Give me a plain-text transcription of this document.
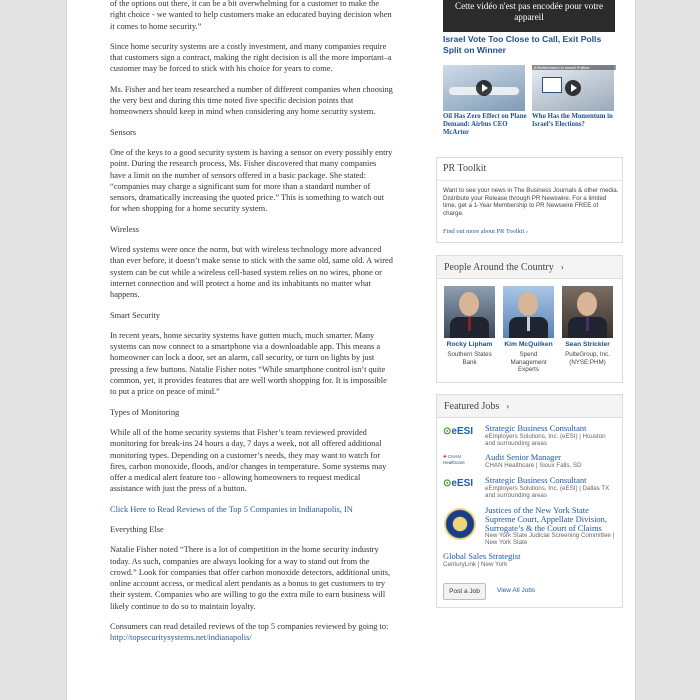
of the options out there, it can be a bit overwhelming for a customer to make the right choice - we wanted to help customers make an educated buying decision when it comes to home security.”

Since home security systems are a costly investment, and many companies require that customers sign a contract, making the right decision is all the more important–a customer may be forced to stick with his choice for years to come.

Ms. Fisher and her team researched a number of different companies when choosing the very best and during this time noted five specific decision points that homeowners should keep in mind when considering any home security system.

Sensors

One of the keys to a good security system is having a sensor on every possibly entry point. During the research process, Ms. Fisher discovered that many companies have a limit on the number of sensors offered in a basic package. She stated: “companies may charge a significant sum for more than a standard number of sensors, dramatically increasing the quoted price.” This is something to watch out for when shopping for a home security system.

Wireless

Wired systems were once the norm, but with wireless technology more advanced than ever before, it doesn’t make sense to stick with the same old, same old. A wired system can be cut while a wireless cell-based system relies on no wires, phone or internet connection and will protect a home and its inhabitants no matter what happens.

Smart Security

In recent years, home security systems have gotten much, much smarter. Many systems can now connect to a smartphone via a downloadable app. This means a homeowner can lock a door, set an alarm, call security, or turn on lights by just pressing a few buttons. Natalie Fisher notes “While smartphone control isn’t quite common, yet, it provides features that are well worth shopping for. It is impossible to put a price on peace of mind.”

Types of Monitoring

While all of the home security systems that Fisher’s team reviewed provided monitoring for break-ins 24 hours a day, 7 days a week, not all offered additional monitoring types. Depending on a customer’s needs, they may want to watch for fires, carbon monoxide, floods, and/or changes in temperature. Some systems may offer a medical alert feature too - allowing homeowners to request medical assistance with just the press of a button.

Click Here to Read Reviews of the Top 5 Companies in Indianapolis, IN

Everything Else

Natalie Fisher noted “There is a lot of competition in the home security industry today. As such, companies are always looking for a way to stand out from the crowd.” Look for companies that offer carbon monoxide detectors, additional units, online account access, or medical alert pendants as a bonus to get customers to try their system. Companies who are willing to go the extra mile to earn business will likely continue to do so to maintain loyalty.

Consumers can read detailed reviews of the top 5 companies reviewed by going to: http://topsecuritysystems.net/indianapolis/

Cette vidéo n'est pas encodée pour votre appareil
Israel Vote Too Close to Call, Exit Polls Split on Winner
A Referendum in Israeli Politics
Oil Has Zero Effect on Plane Demand: Airbus CEO McArtor
Who Has the Momentum in Israel’s Elections?
PR Toolkit
Want to see your news in The Business Journals & other media. Distribute your Release through PR Newswire. For a limited time, get a 1-Year Membership to PR Newswire FREE of charge.
Find out more about PR Toolkit ›
People Around the Country   ›
Rocky Lipham
Southern States Bank
Kim McQuilken
Spend Management Experts
Sean Strickler
PulteGroup, Inc. (NYSE:PHM)
Featured Jobs   ›
⊙eESI	Strategic Business Consultant
eEmployers Solutions, Inc. (eESI) | Houston and surrounding areas
✚ CHAN Healthcare
Audit Senior Manager
CHAN Healthcare | Sioux Falls, SD
⊙eESI	Strategic Business Consultant
eEmployers Solutions, Inc. (eESI) | Dallas TX and surrounding areas
Justices of the New York State Supreme Court, Appellate Division, Surrogate’s & the Court of Claims
New York State Judicial Screening Committee | New York State
Global Sales Strategist
CenturyLink | New York
Post a Job	View All Jobs
